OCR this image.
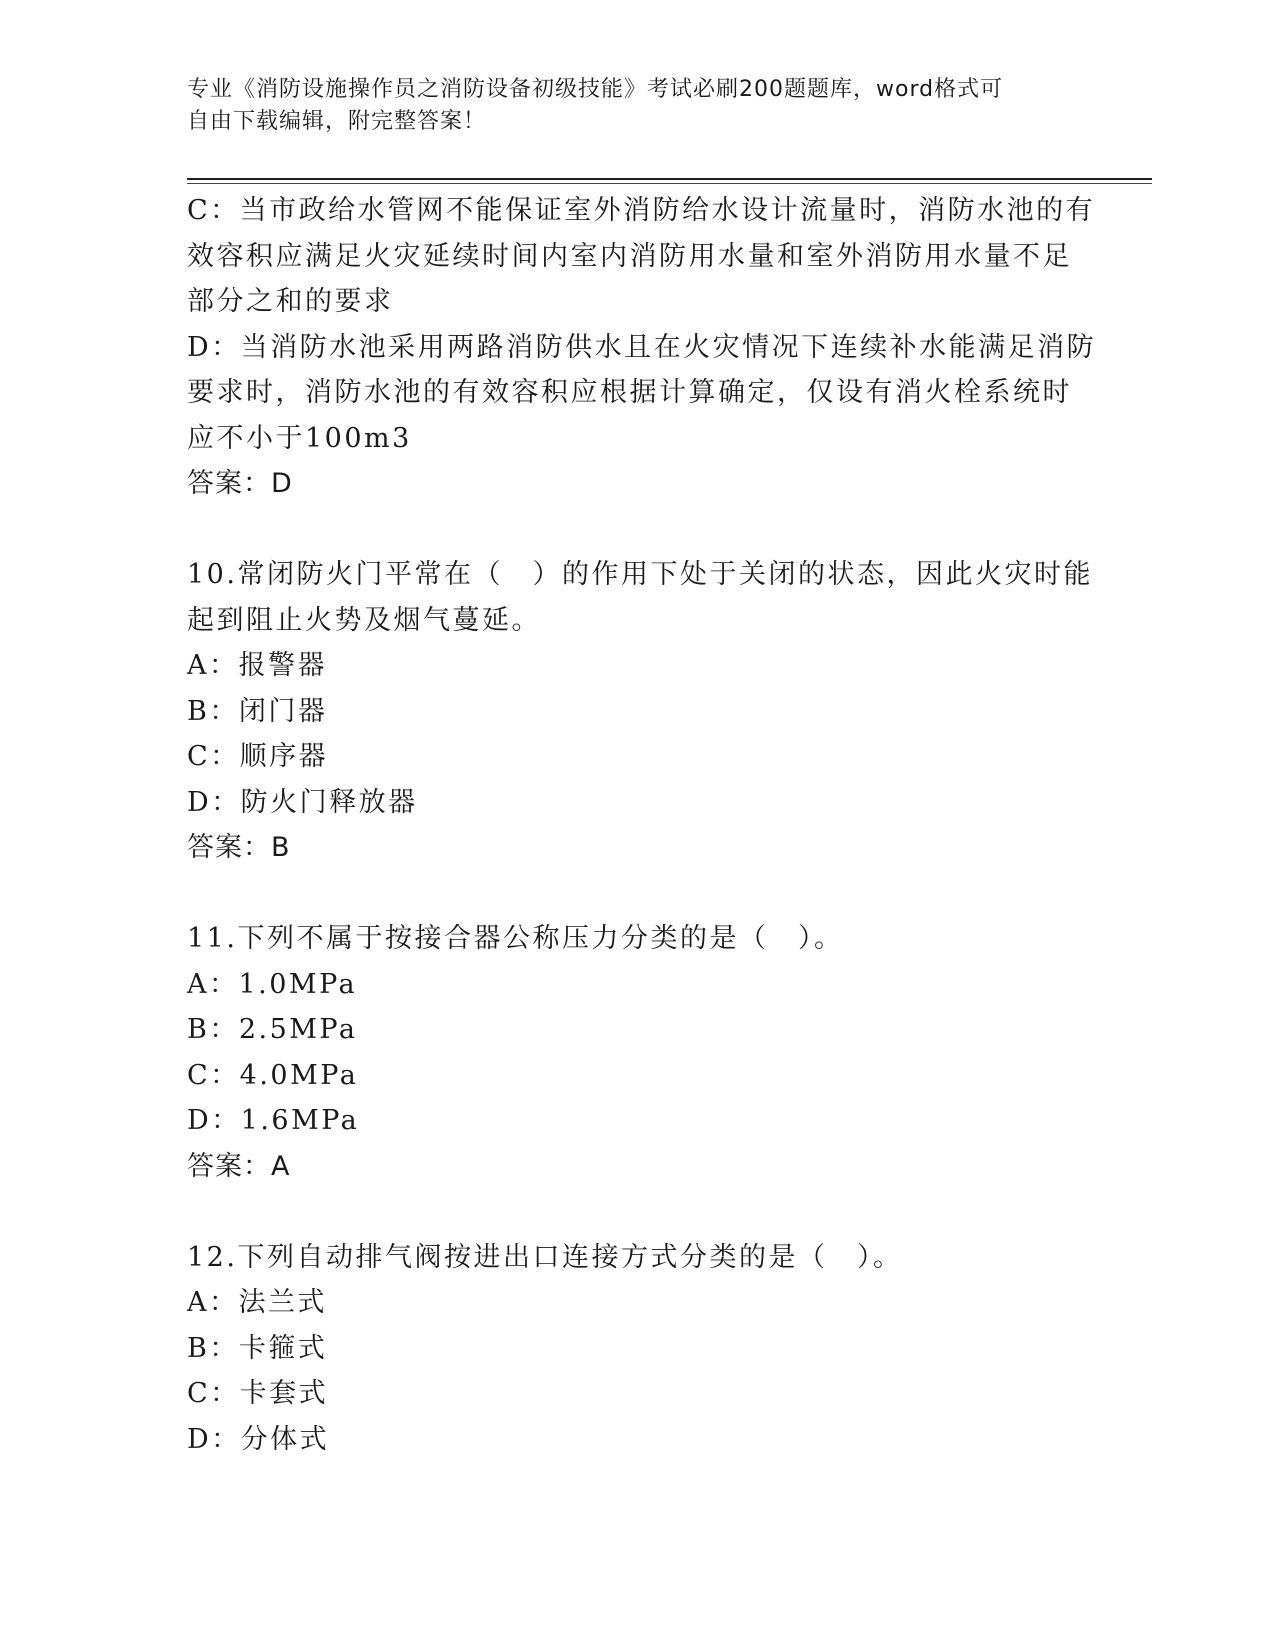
专业《消防设施操作员之消防设备初级技能》考试必刷200题题库，word格式可
自由下载编辑，附完整答案！
C：当市政给水管网不能保证室外消防给水设计流量时，消防水池的有
效容积应满足火灾延续时间内室内消防用水量和室外消防用水量不足
部分之和的要求
D：当消防水池采用两路消防供水且在火灾情况下连续补水能满足消防
要求时，消防水池的有效容积应根据计算确定，仅设有消火栓系统时
应不小于100m3
答案：D
10.常闭防火门平常在（　）的作用下处于关闭的状态，因此火灾时能
起到阻止火势及烟气蔓延。
A：报警器
B：闭门器
C：顺序器
D：防火门释放器
答案：B
11.下列不属于按接合器公称压力分类的是（　）。
A：1.0MPa
B：2.5MPa
C：4.0MPa
D：1.6MPa
答案：A
12.下列自动排气阀按进出口连接方式分类的是（　）。
A：法兰式
B：卡箍式
C：卡套式
D：分体式
